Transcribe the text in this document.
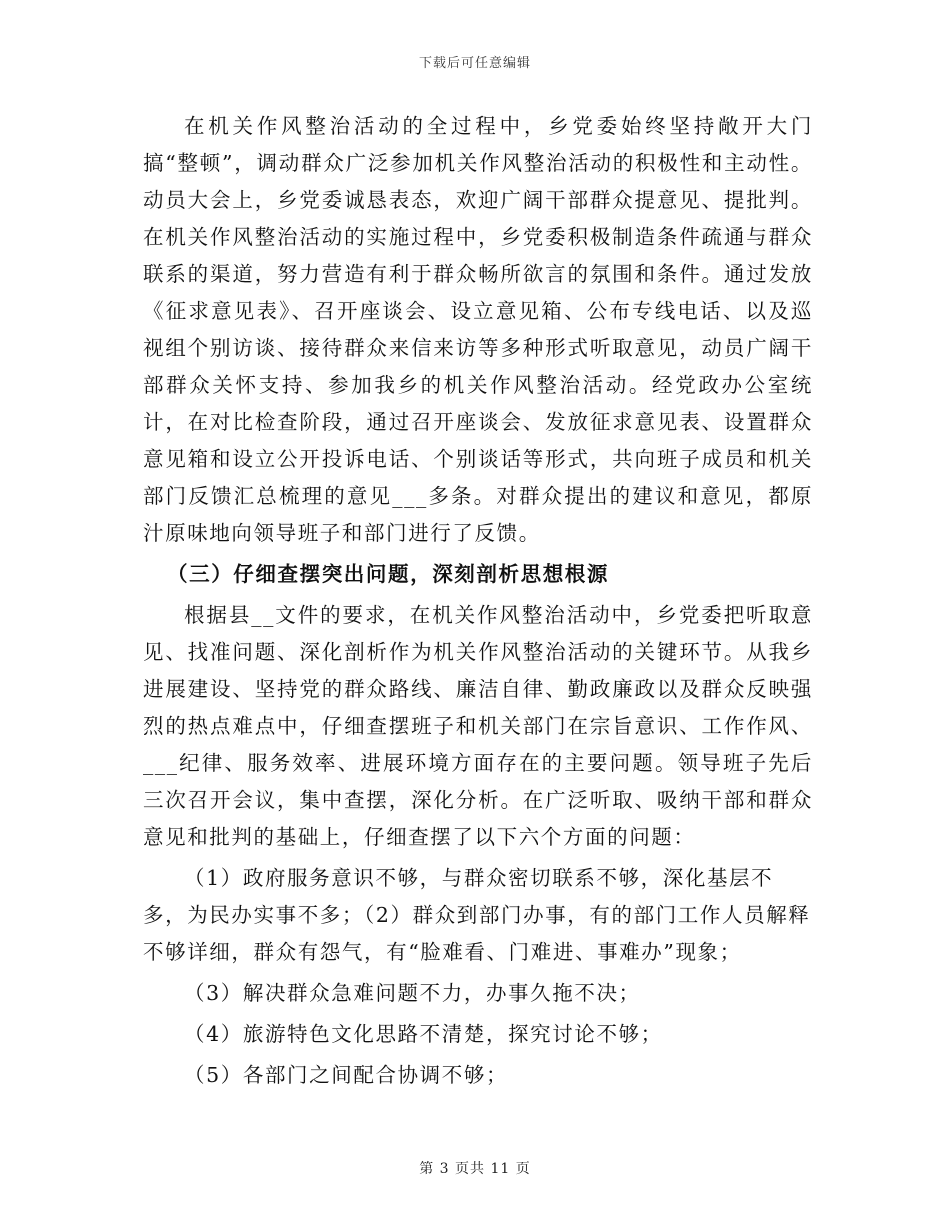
下载后可任意编辑

在机关作风整治活动的全过程中，乡党委始终坚持敞开大门搞“整顿”，调动群众广泛参加机关作风整治活动的积极性和主动性。动员大会上，乡党委诚恳表态，欢迎广阔干部群众提意见、提批判。在机关作风整治活动的实施过程中，乡党委积极制造条件疏通与群众联系的渠道，努力营造有利于群众畅所欲言的氛围和条件。通过发放《征求意见表》、召开座谈会、设立意见箱、公布专线电话、以及巡视组个别访谈、接待群众来信来访等多种形式听取意见，动员广阔干部群众关怀支持、参加我乡的机关作风整治活动。经党政办公室统计，在对比检查阶段，通过召开座谈会、发放征求意见表、设置群众意见箱和设立公开投诉电话、个别谈话等形式，共向班子成员和机关部门反馈汇总梳理的意见___多条。对群众提出的建议和意见，都原汁原味地向领导班子和部门进行了反馈。

（三）仔细查摆突出问题，深刻剖析思想根源

根据县__文件的要求，在机关作风整治活动中，乡党委把听取意见、找准问题、深化剖析作为机关作风整治活动的关键环节。从我乡进展建设、坚持党的群众路线、廉洁自律、勤政廉政以及群众反映强烈的热点难点中，仔细查摆班子和机关部门在宗旨意识、工作作风、___纪律、服务效率、进展环境方面存在的主要问题。领导班子先后三次召开会议，集中查摆，深化分析。在广泛听取、吸纳干部和群众意见和批判的基础上，仔细查摆了以下六个方面的问题：

（1）政府服务意识不够，与群众密切联系不够，深化基层不多，为民办实事不多；（2）群众到部门办事，有的部门工作人员解释不够详细，群众有怨气，有“脸难看、门难进、事难办”现象；

（3）解决群众急难问题不力，办事久拖不决；

（4）旅游特色文化思路不清楚，探究讨论不够；

（5）各部门之间配合协调不够；

第 3 页共 11 页
